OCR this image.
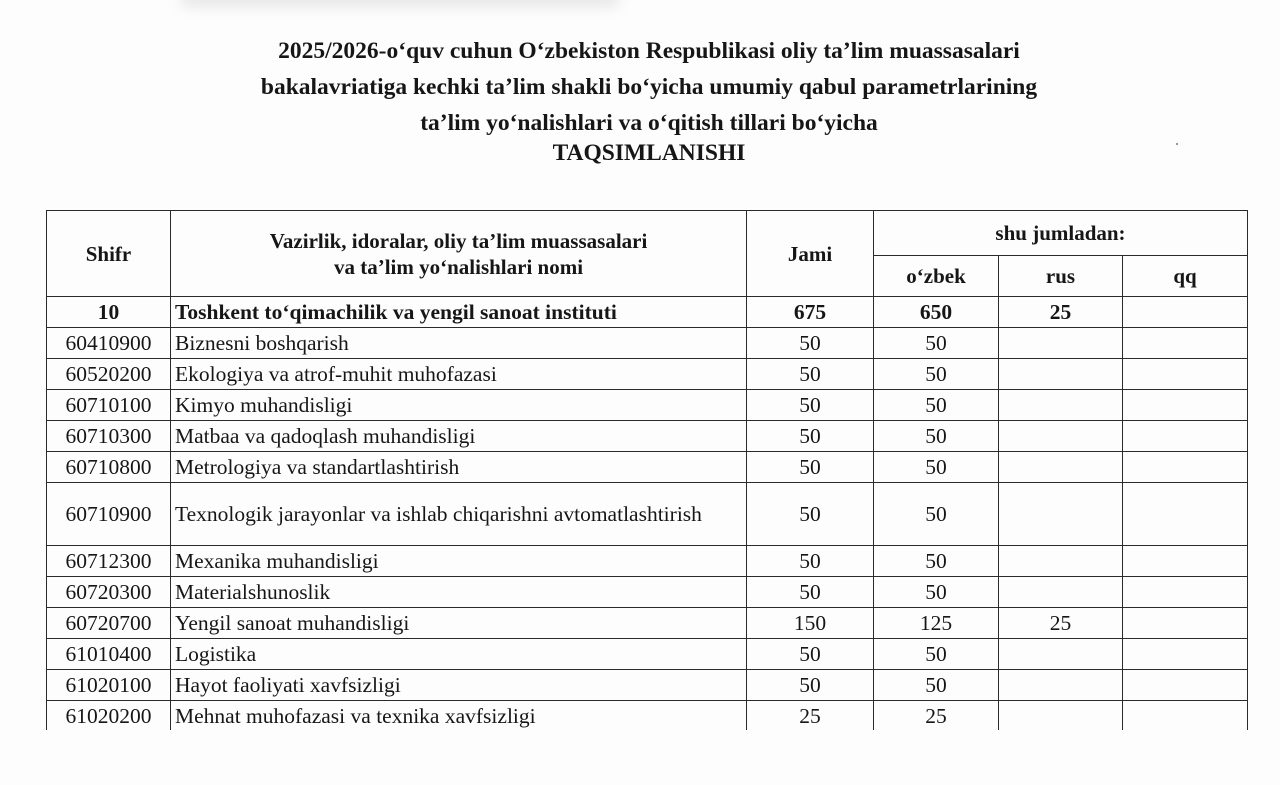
2025/2026-o‘quv cuhun O‘zbekiston Respublikasi oliy ta’lim muassasalari
bakalavriatiga kechki ta’lim shakli bo‘yicha umumiy qabul parametrlarining
ta’lim yo‘nalishlari va o‘qitish tillari bo‘yicha
TAQSIMLANISHI
Shifr	Vazirlik, idoralar, oliy ta’lim muassasalari
va ta’lim yo‘nalishlari nomi	Jami	shu jumladan:		
			o‘zbek	rus	qq
10	Toshkent to‘qimachilik va yengil sanoat instituti	675	650	25	
60410900	Biznesni boshqarish	50	50		
60520200	Ekologiya va atrof-muhit muhofazasi	50	50		
60710100	Kimyo muhandisligi	50	50		
60710300	Matbaa va qadoqlash muhandisligi	50	50		
60710800	Metrologiya va standartlashtirish	50	50		
60710900	Texnologik jarayonlar va ishlab chiqarishni avtomatlashtirish	50	50		
60712300	Mexanika muhandisligi	50	50		
60720300	Materialshunoslik	50	50		
60720700	Yengil sanoat muhandisligi	150	125	25	
61010400	Logistika	50	50		
61020100	Hayot faoliyati xavfsizligi	50	50		
61020200	Mehnat muhofazasi va texnika xavfsizligi	25	25		
